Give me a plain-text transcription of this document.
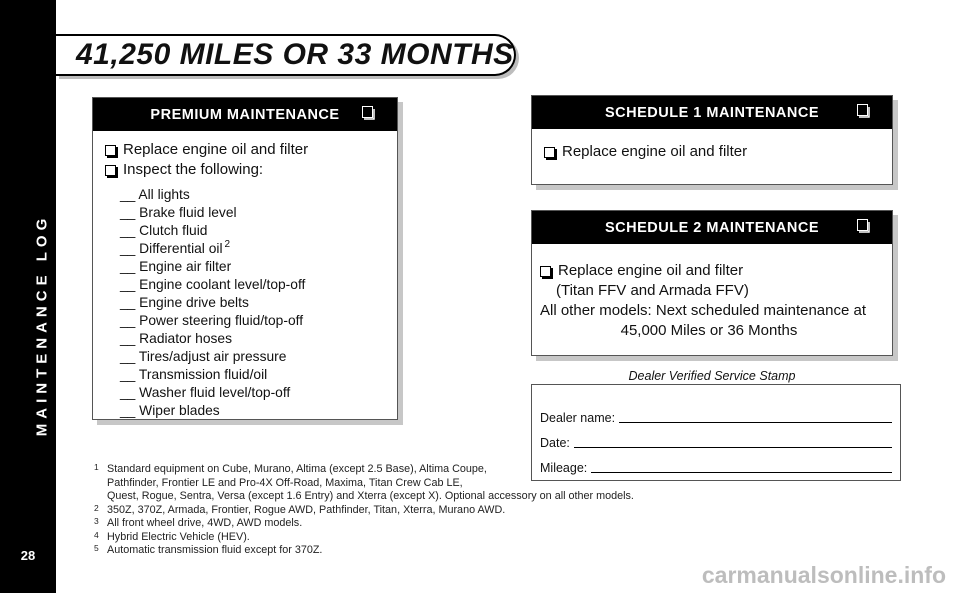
MAINTENANCE LOG
28
41,250 MILES OR 33 MONTHS
PREMIUM MAINTENANCE
Replace engine oil and filter
Inspect the following:
__ All lights
__ Brake fluid level
__ Clutch fluid
__ Differential oil $^2$
__ Engine air filter
__ Engine coolant level/top-off
__ Engine drive belts
__ Power steering fluid/top-off
__ Radiator hoses
__ Tires/adjust air pressure
__ Transmission fluid/oil
__ Washer fluid level/top-off
__ Wiper blades
SCHEDULE 1 MAINTENANCE
Replace engine oil and filter
SCHEDULE 2 MAINTENANCE
Replace engine oil and filter
(Titan FFV and Armada FFV)
All other models: Next scheduled maintenance at
45,000 Miles or 36 Months
Dealer Verified Service Stamp
Dealer name:
Date:
Mileage:
1 Standard equipment on Cube, Murano, Altima (except 2.5 Base), Altima Coupe,
Pathfinder, Frontier LE and Pro-4X Off-Road, Maxima, Titan Crew Cab LE,
Quest, Rogue, Sentra, Versa (except 1.6 Entry) and Xterra (except X). Optional accessory on all other models.
2 350Z, 370Z, Armada, Frontier, Rogue AWD, Pathfinder, Titan, Xterra, Murano AWD.
3 All front wheel drive, 4WD, AWD models.
4 Hybrid Electric Vehicle (HEV).
5 Automatic transmission fluid except for 370Z.
carmanualsonline.info
